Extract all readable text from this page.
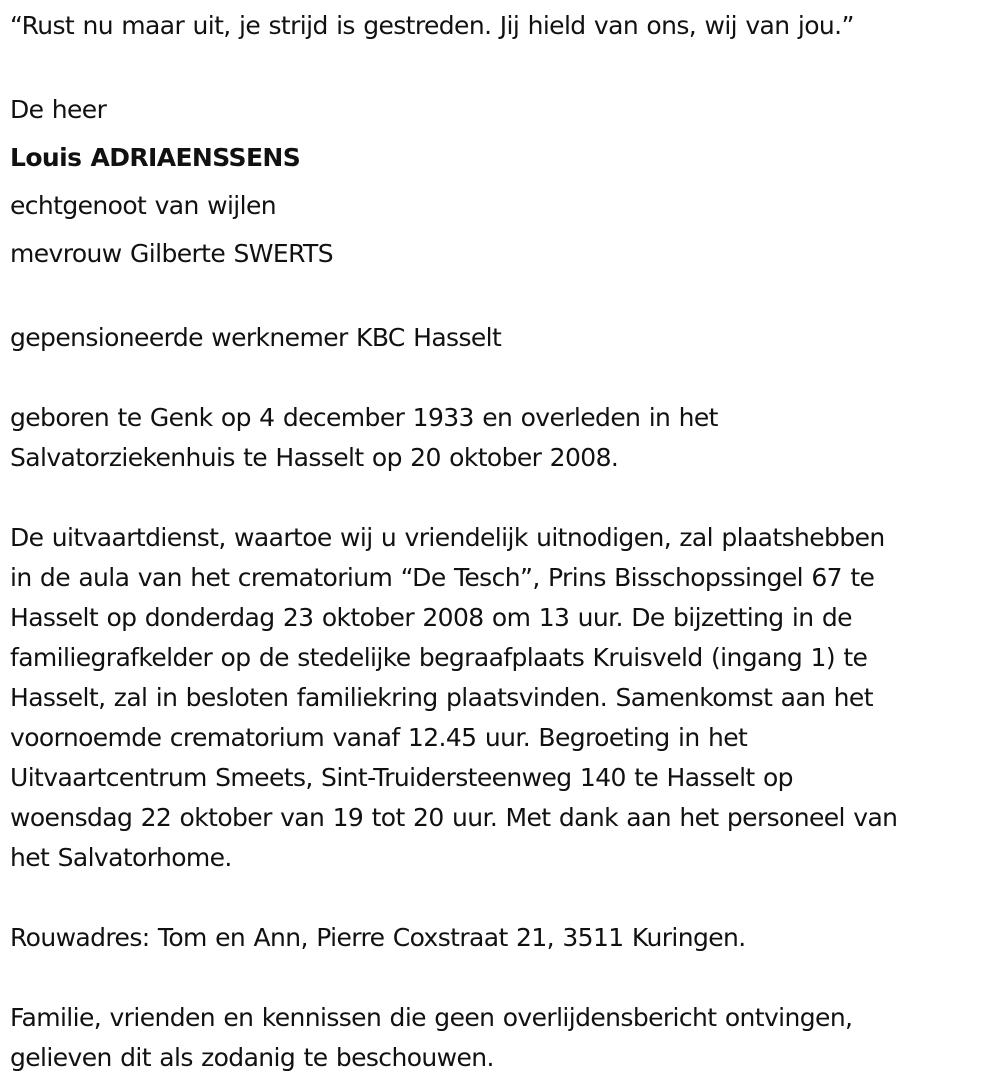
“Rust nu maar uit, je strijd is gestreden. Jij hield van ons, wij van jou.”

De heer

Louis ADRIAENSSENS

echtgenoot van wijlen

mevrouw Gilberte SWERTS

gepensioneerde werknemer KBC Hasselt

geboren te Genk op 4 december 1933 en overleden in het

Salvatorziekenhuis te Hasselt op 20 oktober 2008.

De uitvaartdienst, waartoe wij u vriendelijk uitnodigen, zal plaatshebben

in de aula van het crematorium “De Tesch”, Prins Bisschopssingel 67 te

Hasselt op donderdag 23 oktober 2008 om 13 uur. De bijzetting in de

familiegrafkelder op de stedelijke begraafplaats Kruisveld (ingang 1) te

Hasselt, zal in besloten familiekring plaatsvinden. Samenkomst aan het

voornoemde crematorium vanaf 12.45 uur. Begroeting in het

Uitvaartcentrum Smeets, Sint-Truidersteenweg 140 te Hasselt op

woensdag 22 oktober van 19 tot 20 uur. Met dank aan het personeel van

het Salvatorhome.

Rouwadres: Tom en Ann, Pierre Coxstraat 21, 3511 Kuringen.

Familie, vrienden en kennissen die geen overlijdensbericht ontvingen,

gelieven dit als zodanig te beschouwen.
